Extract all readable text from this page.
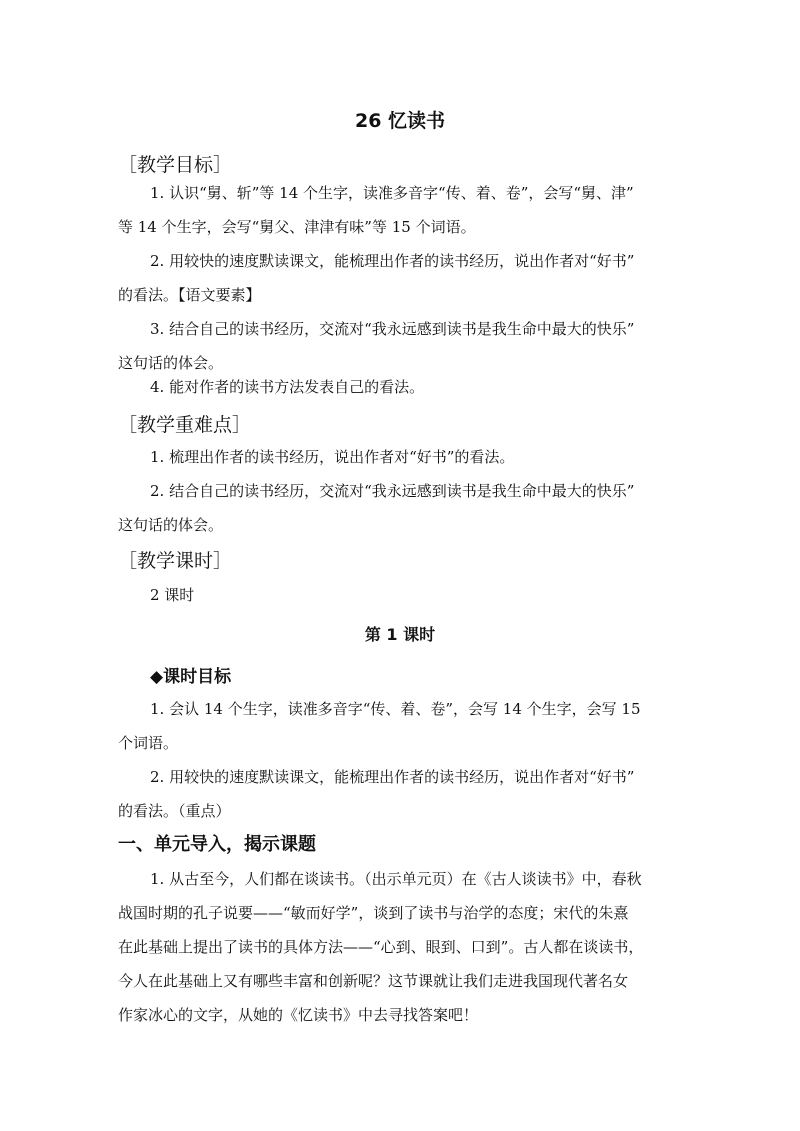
26 忆读书
［教学目标］
1. 认识“舅、斩”等 14 个生字，读准多音字“传、着、卷”，会写“舅、津”
等 14 个生字，会写“舅父、津津有味”等 15 个词语。
2. 用较快的速度默读课文，能梳理出作者的读书经历，说出作者对“好书”
的看法。【语文要素】
3. 结合自己的读书经历，交流对“我永远感到读书是我生命中最大的快乐”
这句话的体会。
4. 能对作者的读书方法发表自己的看法。
［教学重难点］
1. 梳理出作者的读书经历，说出作者对“好书”的看法。
2. 结合自己的读书经历，交流对“我永远感到读书是我生命中最大的快乐”
这句话的体会。
［教学课时］
2 课时
第 1 课时
◆课时目标
1. 会认 14 个生字，读准多音字“传、着、卷”，会写 14 个生字，会写 15
个词语。
2. 用较快的速度默读课文，能梳理出作者的读书经历，说出作者对“好书”
的看法。（重点）
一、单元导入，揭示课题
1. 从古至今，人们都在谈读书。（出示单元页）在《古人谈读书》中，春秋
战国时期的孔子说要——“敏而好学”，谈到了读书与治学的态度；宋代的朱熹
在此基础上提出了读书的具体方法——“心到、眼到、口到”。古人都在谈读书，
今人在此基础上又有哪些丰富和创新呢？这节课就让我们走进我国现代著名女
作家冰心的文字，从她的《忆读书》中去寻找答案吧！
